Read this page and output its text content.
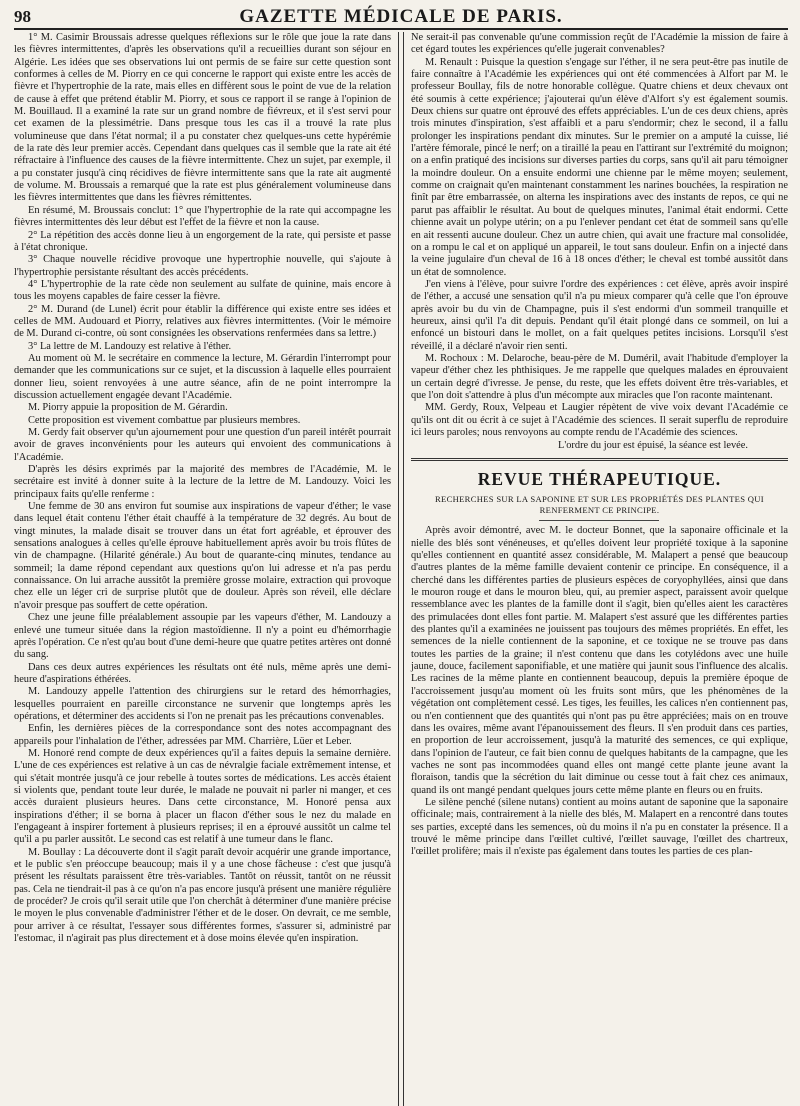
98	GAZETTE MÉDICALE DE PARIS.

1° M. Casimir Broussais adresse quelques réflexions sur le rôle que joue la rate dans les fièvres intermittentes, d'après les observations qu'il a recueillies durant son séjour en Algérie. Les idées que ses observations lui ont permis de se faire sur cette question sont conformes à celles de M. Piorry en ce qui concerne le rapport qui existe entre les accès de fièvre et l'hypertrophie de la rate, mais elles en diffèrent sous le point de vue de la relation de cause à effet que prétend établir M. Piorry, et sous ce rapport il se range à l'opinion de M. Bouillaud. Il a examiné la rate sur un grand nombre de fiévreux, et il s'est servi pour cet examen de la plessimétrie. Dans presque tous les cas il a trouvé la rate plus volumineuse que dans l'état normal; il a pu constater chez quelques-uns cette hypérémie de la rate dès leur premier accès. Cependant dans quelques cas il semble que la rate ait été réfractaire à l'influence des causes de la fièvre intermittente. Chez un sujet, par exemple, il a pu constater jusqu'à cinq récidives de fièvre intermittente sans que la rate ait augmenté de volume. M. Broussais a remarqué que la rate est plus généralement volumineuse dans les fièvres intermittentes que dans les fièvres rémittentes.

En résumé, M. Broussais conclut: 1° que l'hypertrophie de la rate qui accompagne les fièvres intermittentes dès leur début est l'effet de la fièvre et non la cause.

2° La répétition des accès donne lieu à un engorgement de la rate, qui persiste et passe à l'état chronique.

3° Chaque nouvelle récidive provoque une hypertrophie nouvelle, qui s'ajoute à l'hypertrophie persistante résultant des accès précédents.

4° L'hypertrophie de la rate cède non seulement au sulfate de quinine, mais encore à tous les moyens capables de faire cesser la fièvre.

2° M. Durand (de Lunel) écrit pour établir la différence qui existe entre ses idées et celles de MM. Audouard et Piorry, relatives aux fièvres intermittentes. (Voir le mémoire de M. Durand ci-contre, où sont consignées les observations renfermées dans sa lettre.)

3° La lettre de M. Landouzy est relative à l'éther.

Au moment où M. le secrétaire en commence la lecture, M. Gérardin l'interrompt pour demander que les communications sur ce sujet, et la discussion à laquelle elles pourraient donner lieu, soient renvoyées à une autre séance, afin de ne point interrompre la discussion actuellement engagée devant l'Académie.

M. Piorry appuie la proposition de M. Gérardin.

Cette proposition est vivement combattue par plusieurs membres.

M. Gerdy fait observer qu'un ajournement pour une question d'un pareil intérêt pourrait avoir de graves inconvénients pour les auteurs qui envoient des communications à l'Académie.

D'après les désirs exprimés par la majorité des membres de l'Académie, M. le secrétaire est invité à donner suite à la lecture de la lettre de M. Landouzy. Voici les principaux faits qu'elle renferme :

Une femme de 30 ans environ fut soumise aux inspirations de vapeur d'éther; le vase dans lequel était contenu l'éther était chauffé à la température de 32 degrés. Au bout de vingt minutes, la malade disait se trouver dans un état fort agréable, et éprouver des sensations analogues à celles qu'elle éprouve habituellement après avoir bu trois flûtes de vin de champagne. (Hilarité générale.) Au bout de quarante-cinq minutes, tendance au sommeil; la dame répond cependant aux questions qu'on lui adresse et n'a pas perdu connaissance. On lui arrache aussitôt la première grosse molaire, extraction qui provoque chez elle un léger cri de surprise plutôt que de douleur. Après son réveil, elle déclare n'avoir presque pas souffert de cette opération.

Chez une jeune fille préalablement assoupie par les vapeurs d'éther, M. Landouzy a enlevé une tumeur située dans la région mastoïdienne. Il n'y a point eu d'hémorrhagie après l'opération. Ce n'est qu'au bout d'une demi-heure que quatre petites artères ont donné du sang.

Dans ces deux autres expériences les résultats ont été nuls, même après une demi-heure d'aspirations éthérées.

M. Landouzy appelle l'attention des chirurgiens sur le retard des hémorrhagies, lesquelles pourraient en pareille circonstance ne survenir que longtemps après les opérations, et déterminer des accidents si l'on ne prenait pas les précautions convenables.

Enfin, les dernières pièces de la correspondance sont des notes accompagnant des appareils pour l'inhalation de l'éther, adressées par MM. Charrière, Lüer et Leber.

M. Honoré rend compte de deux expériences qu'il a faites depuis la semaine dernière. L'une de ces expériences est relative à un cas de névralgie faciale extrêmement intense, et qui s'était montrée jusqu'à ce jour rebelle à toutes sortes de médications. Les accès étaient si violents que, pendant toute leur durée, le malade ne pouvait ni parler ni manger, et ces accès duraient plusieurs heures. Dans cette circonstance, M. Honoré pensa aux inspirations d'éther; il se borna à placer un flacon d'éther sous le nez du malade en l'engageant à inspirer fortement à plusieurs reprises; il en a éprouvé aussitôt un calme tel qu'il a pu parler aussitôt. Le second cas est relatif à une tumeur dans le flanc.

M. Boullay : La découverte dont il s'agit paraît devoir acquérir une grande importance, et le public s'en préoccupe beaucoup; mais il y a une chose fâcheuse : c'est que jusqu'à présent les résultats paraissent être très-variables. Tantôt on réussit, tantôt on ne réussit pas. Cela ne tiendrait-il pas à ce qu'on n'a pas encore jusqu'à présent une manière régulière de procéder? Je crois qu'il serait utile que l'on cherchât à déterminer d'une manière précise le moyen le plus convenable d'administrer l'éther et de le doser. On devrait, ce me semble, pour arriver à ce résultat, l'essayer sous différentes formes, s'assurer si, administré par l'estomac, il n'agirait pas plus directement et à dose moins élevée qu'en inspiration.

Ne serait-il pas convenable qu'une commission reçût de l'Académie la mission de faire à cet égard toutes les expériences qu'elle jugerait convenables?

M. Renault : Puisque la question s'engage sur l'éther, il ne sera peut-être pas inutile de faire connaître à l'Académie les expériences qui ont été commencées à Alfort par M. le professeur Boullay, fils de notre honorable collègue. Quatre chiens et deux chevaux ont été soumis à cette expérience; j'ajouterai qu'un élève d'Alfort s'y est également soumis. Deux chiens sur quatre ont éprouvé des effets appréciables. L'un de ces deux chiens, après trois minutes d'inspiration, s'est affaibli et a paru s'endormir; chez le second, il a fallu prolonger les inspirations pendant dix minutes. Sur le premier on a amputé la cuisse, lié l'artère fémorale, pincé le nerf; on a tiraillé la peau en l'attirant sur l'extrémité du moignon; on a enfin pratiqué des incisions sur diverses parties du corps, sans qu'il ait paru témoigner la moindre douleur. On a ensuite endormi une chienne par le même moyen; seulement, comme on craignait qu'en maintenant constamment les narines bouchées, la respiration ne finît par être embarrassée, on alterna les inspirations avec des instants de repos, ce qui ne parut pas affaiblir le résultat. Au bout de quelques minutes, l'animal était endormi. Cette chienne avait un polype utérin; on a pu l'enlever pendant cet état de sommeil sans qu'elle en ait ressenti aucune douleur. Chez un autre chien, qui avait une fracture mal consolidée, on a rompu le cal et on appliqué un appareil, le tout sans douleur. Enfin on a injecté dans la veine jugulaire d'un cheval de 16 à 18 onces d'éther; le cheval est tombé aussitôt dans un état de somnolence.

J'en viens à l'élève, pour suivre l'ordre des expériences : cet élève, après avoir inspiré de l'éther, a accusé une sensation qu'il n'a pu mieux comparer qu'à celle que l'on éprouve après avoir bu du vin de Champagne, puis il s'est endormi d'un sommeil tranquille et heureux, ainsi qu'il l'a dit depuis. Pendant qu'il était plongé dans ce sommeil, on lui a enfoncé un bistouri dans le mollet, on a fait quelques petites incisions. Lorsqu'il s'est réveillé, il a déclaré n'avoir rien senti.

M. Rochoux : M. Delaroche, beau-père de M. Duméril, avait l'habitude d'employer la vapeur d'éther chez les phthisiques. Je me rappelle que quelques malades en éprouvaient un certain degré d'ivresse. Je pense, du reste, que les effets doivent être très-variables, et que l'on doit s'attendre à plus d'un mécompte aux miracles que l'on raconte maintenant.

MM. Gerdy, Roux, Velpeau et Laugier répètent de vive voix devant l'Académie ce qu'ils ont dit ou écrit à ce sujet à l'Académie des sciences. Il serait superflu de reproduire ici leurs paroles; nous renvoyons au compte rendu de l'Académie des sciences.

L'ordre du jour est épuisé, la séance est levée.
REVUE THÉRAPEUTIQUE.
RECHERCHES SUR LA SAPONINE ET SUR LES PROPRIÉTÉS DES PLANTES QUI RENFERMENT CE PRINCIPE.

Après avoir démontré, avec M. le docteur Bonnet, que la saponaire officinale et la nielle des blés sont vénéneuses, et qu'elles doivent leur propriété toxique à la saponine qu'elles contiennent en quantité assez considérable, M. Malapert a pensé que beaucoup d'autres plantes de la même famille devaient contenir ce principe. En conséquence, il a cherché dans les différentes parties de plusieurs espèces de coryophyllées, ainsi que dans le mouron rouge et dans le mouron bleu, qui, au premier aspect, paraissent avoir quelque ressemblance avec les plantes de la famille dont il s'agit, bien qu'elles aient les caractères des primulacées dont elles font partie. M. Malapert s'est assuré que les différentes parties des plantes qu'il a examinées ne jouissent pas toujours des mêmes propriétés. En effet, les semences de la nielle contiennent de la saponine, et ce toxique ne se trouve pas dans toutes les parties de la graine; il n'est contenu que dans les cotylédons avec une huile jaune, douce, facilement saponifiable, et une matière qui jaunit sous l'influence des alcalis. Les racines de la même plante en contiennent beaucoup, depuis la première époque de l'accroissement jusqu'au moment où les fruits sont mûrs, que les phénomènes de la végétation ont complètement cessé. Les tiges, les feuilles, les calices n'en contiennent pas, ou n'en contiennent que des quantités qui n'ont pas pu être appréciées; mais on en trouve dans les ovaires, même avant l'épanouissement des fleurs. Il s'en produit dans ces parties, en proportion de leur accroissement, jusqu'à la maturité des semences, ce qui explique, dans l'opinion de l'auteur, ce fait bien connu de quelques habitants de la campagne, que les vaches ne sont pas incommodées quand elles ont mangé cette plante jeune avant la floraison, tandis que la sécrétion du lait diminue ou cesse tout à fait chez ces animaux, quand ils ont mangé pendant quelques jours cette même plante en fleurs ou en fruits.

Le silène penché (silene nutans) contient au moins autant de saponine que la saponaire officinale; mais, contrairement à la nielle des blés, M. Malapert en a rencontré dans toutes ses parties, excepté dans les semences, où du moins il n'a pu en constater la présence. Il a trouvé le même principe dans l'œillet cultivé, l'œillet sauvage, l'œillet des chartreux, l'œillet prolifère; mais il n'existe pas également dans toutes les parties de ces plan-
